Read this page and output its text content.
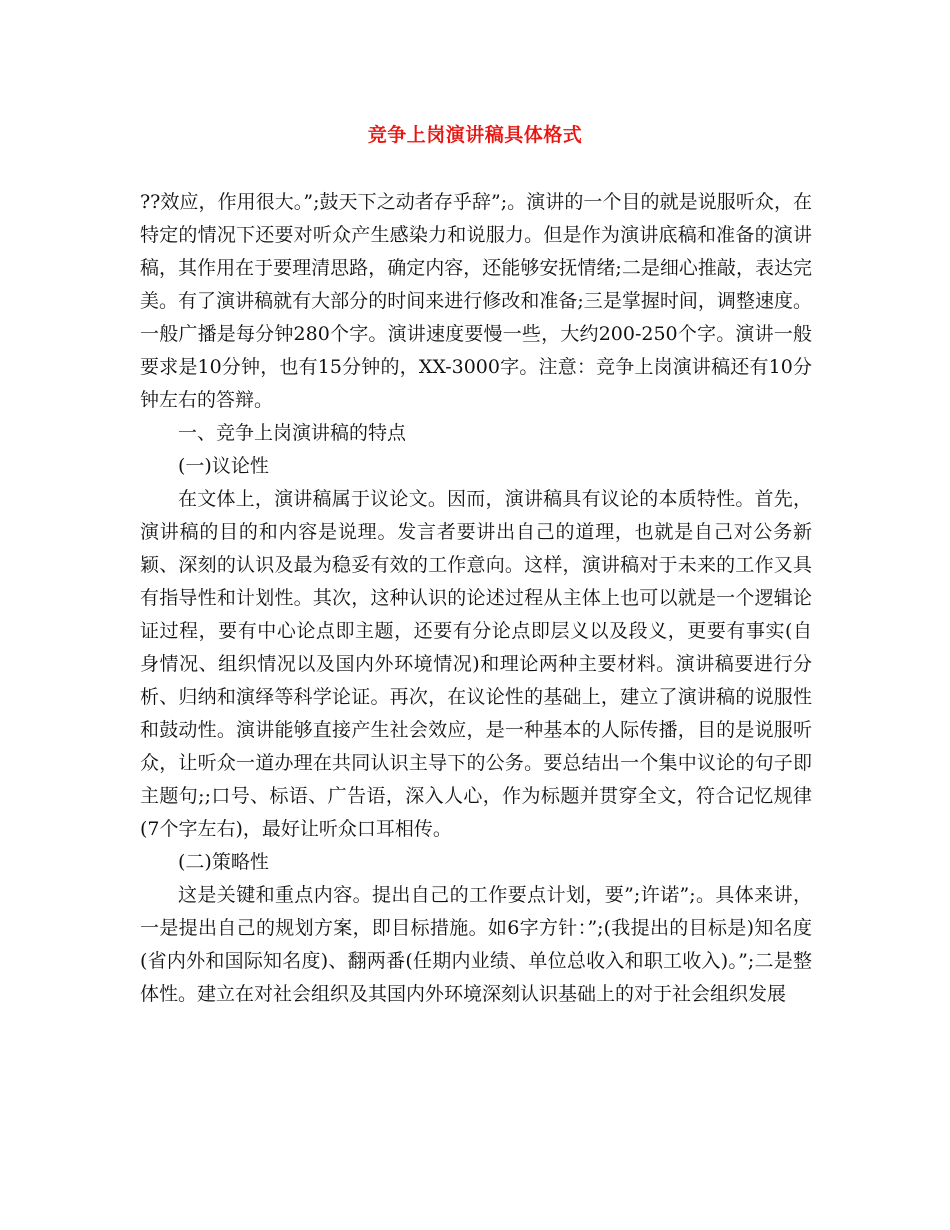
竞争上岗演讲稿具体格式

??效应，作用很大。”;鼓天下之动者存乎辞”;。演讲的一个目的就是说服听众，在特定的情况下还要对听众产生感染力和说服力。但是作为演讲底稿和准备的演讲稿，其作用在于要理清思路，确定内容，还能够安抚情绪;二是细心推敲，表达完美。有了演讲稿就有大部分的时间来进行修改和准备;三是掌握时间，调整速度。一般广播是每分钟280个字。演讲速度要慢一些，大约200-250个字。演讲一般要求是10分钟，也有15分钟的，XX-3000字。注意：竞争上岗演讲稿还有10分钟左右的答辩。

一、竞争上岗演讲稿的特点

(一)议论性

在文体上，演讲稿属于议论文。因而，演讲稿具有议论的本质特性。首先，演讲稿的目的和内容是说理。发言者要讲出自己的道理，也就是自己对公务新颖、深刻的认识及最为稳妥有效的工作意向。这样，演讲稿对于未来的工作又具有指导性和计划性。其次，这种认识的论述过程从主体上也可以就是一个逻辑论证过程，要有中心论点即主题，还要有分论点即层义以及段义，更要有事实(自身情况、组织情况以及国内外环境情况)和理论两种主要材料。演讲稿要进行分析、归纳和演绎等科学论证。再次，在议论性的基础上，建立了演讲稿的说服性和鼓动性。演讲能够直接产生社会效应，是一种基本的人际传播，目的是说服听众，让听众一道办理在共同认识主导下的公务。要总结出一个集中议论的句子即主题句;;口号、标语、广告语，深入人心，作为标题并贯穿全文，符合记忆规律(7个字左右)，最好让听众口耳相传。

(二)策略性

这是关键和重点内容。提出自己的工作要点计划，要”;许诺”;。具体来讲，一是提出自己的规划方案，即目标措施。如6字方针：”;(我提出的目标是)知名度(省内外和国际知名度)、翻两番(任期内业绩、单位总收入和职工收入)。”;二是整体性。建立在对社会组织及其国内外环境深刻认识基础上的对于社会组织发展
